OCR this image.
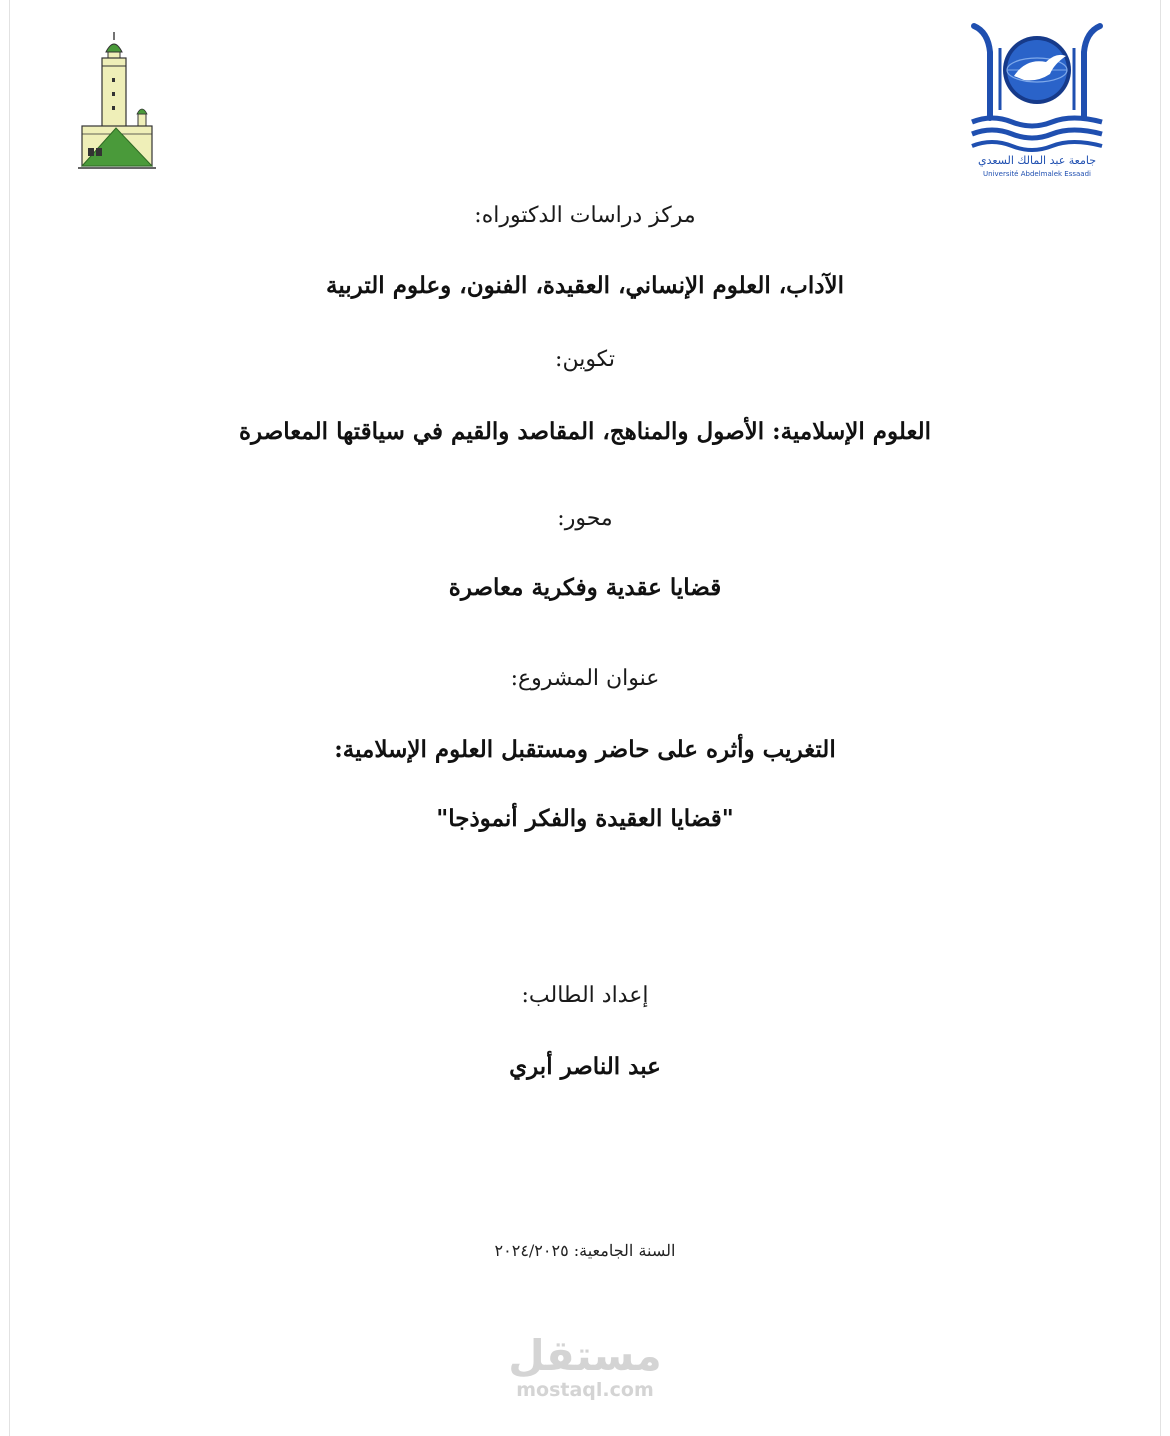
جامعة عبد المالك السعدي
Université Abdelmalek Essaadi
مركز دراسات الدكتوراه:
الآداب، العلوم الإنساني، العقيدة، الفنون، وعلوم التربية
تكوين:
العلوم الإسلامية: الأصول والمناهج، المقاصد والقيم في سياقتها المعاصرة
محور:
قضايا عقدية وفكرية معاصرة
عنوان المشروع:
التغريب وأثره على حاضر ومستقبل العلوم الإسلامية:
"قضايا العقيدة والفكر أنموذجا"
إعداد الطالب:
عبد الناصر أبري
السنة الجامعية: ٢٠٢٤/٢٠٢٥
مستقل
mostaql.com
